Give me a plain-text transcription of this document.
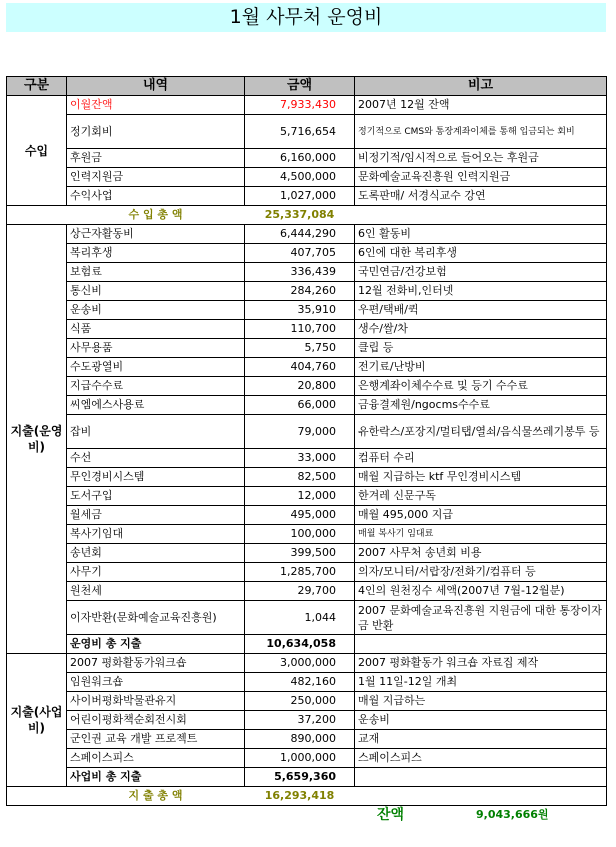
1월 사무처 운영비
구분	내역	금액	비고
수입	이월잔액	7,933,430	2007년 12월 잔액
	정기회비	5,716,654	정기적으로 CMS와 통장계좌이체를 통해 입금되는 회비
	후원금	6,160,000	비정기적/임시적으로 들어오는 후원금
	인력지원금	4,500,000	문화예술교육진흥원 인력지원금
	수익사업	1,027,000	도록판매/ 서경식교수 강연
	수 입 총 액	25,337,084	
지출(운영비)	상근자활동비	6,444,290	6인 활동비
	복리후생	407,705	6인에 대한 복리후생
	보험료	336,439	국민연금/건강보험
	통신비	284,260	12월 전화비,인터넷
	운송비	35,910	우편/택배/퀵
	식품	110,700	생수/쌀/차
	사무용품	5,750	클립 등
	수도광열비	404,760	전기료/난방비
	지급수수료	20,800	은행계좌이체수수료 및 등기 수수료
	씨엠에스사용료	66,000	금융결제원/ngocms수수료
	잡비	79,000	유한락스/포장지/멀티탭/열쇠/음식물쓰레기봉투 등
	수선	33,000	컴퓨터 수리
	무인경비시스템	82,500	매월 지급하는 ktf 무인경비시스템
	도서구입	12,000	한겨레 신문구독
	월세금	495,000	매월 495,000 지급
	복사기임대	100,000	매월 복사기 임대료
	송년회	399,500	2007 사무처 송년회 비용
	사무기	1,285,700	의자/모니터/서랍장/전화기/컴퓨터 등
	원천세	29,700	4인의 원천징수 세액(2007년 7월-12월분)
	이자반환(문화예술교육진흥원)	1,044	2007 문화예술교육진흥원 지원금에 대한 통장이자금 반환
	운영비 총 지출	10,634,058	
지출(사업비)	2007 평화활동가워크숍	3,000,000	2007 평화활동가 워크숍 자료집 제작
	임원워크숍	482,160	1월 11일-12일 개최
	사이버평화박물관유지	250,000	매월 지급하는
	어린이평화책순회전시회	37,200	운송비
	군인권 교육 개발 프로젝트	890,000	교재
	스페이스피스	1,000,000	스페이스피스
	사업비 총 지출	5,659,360	
	지 출 총 액	16,293,418	
잔액	9,043,666원
